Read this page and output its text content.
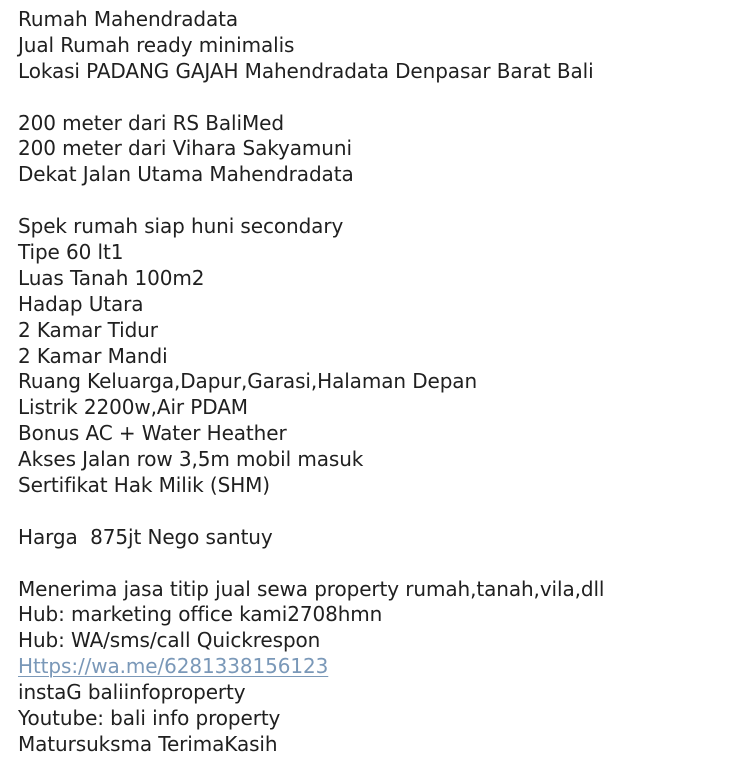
Rumah Mahendradata
Jual Rumah ready minimalis
Lokasi PADANG GAJAH Mahendradata Denpasar Barat Bali
200 meter dari RS BaliMed
200 meter dari Vihara Sakyamuni
Dekat Jalan Utama Mahendradata
Spek rumah siap huni secondary
Tipe 60 lt1
Luas Tanah 100m2
Hadap Utara
2 Kamar Tidur
2 Kamar Mandi
Ruang Keluarga,Dapur,Garasi,Halaman Depan
Listrik 2200w,Air PDAM
Bonus AC + Water Heather
Akses Jalan row 3,5m mobil masuk
Sertifikat Hak Milik (SHM)
Harga  875jt Nego santuy
Menerima jasa titip jual sewa property rumah,tanah,vila,dll
Hub: marketing office kami2708hmn
Hub: WA/sms/call Quickrespon
Https://wa.me/6281338156123
instaG baliinfoproperty
Youtube: bali info property
Matursuksma TerimaKasih
